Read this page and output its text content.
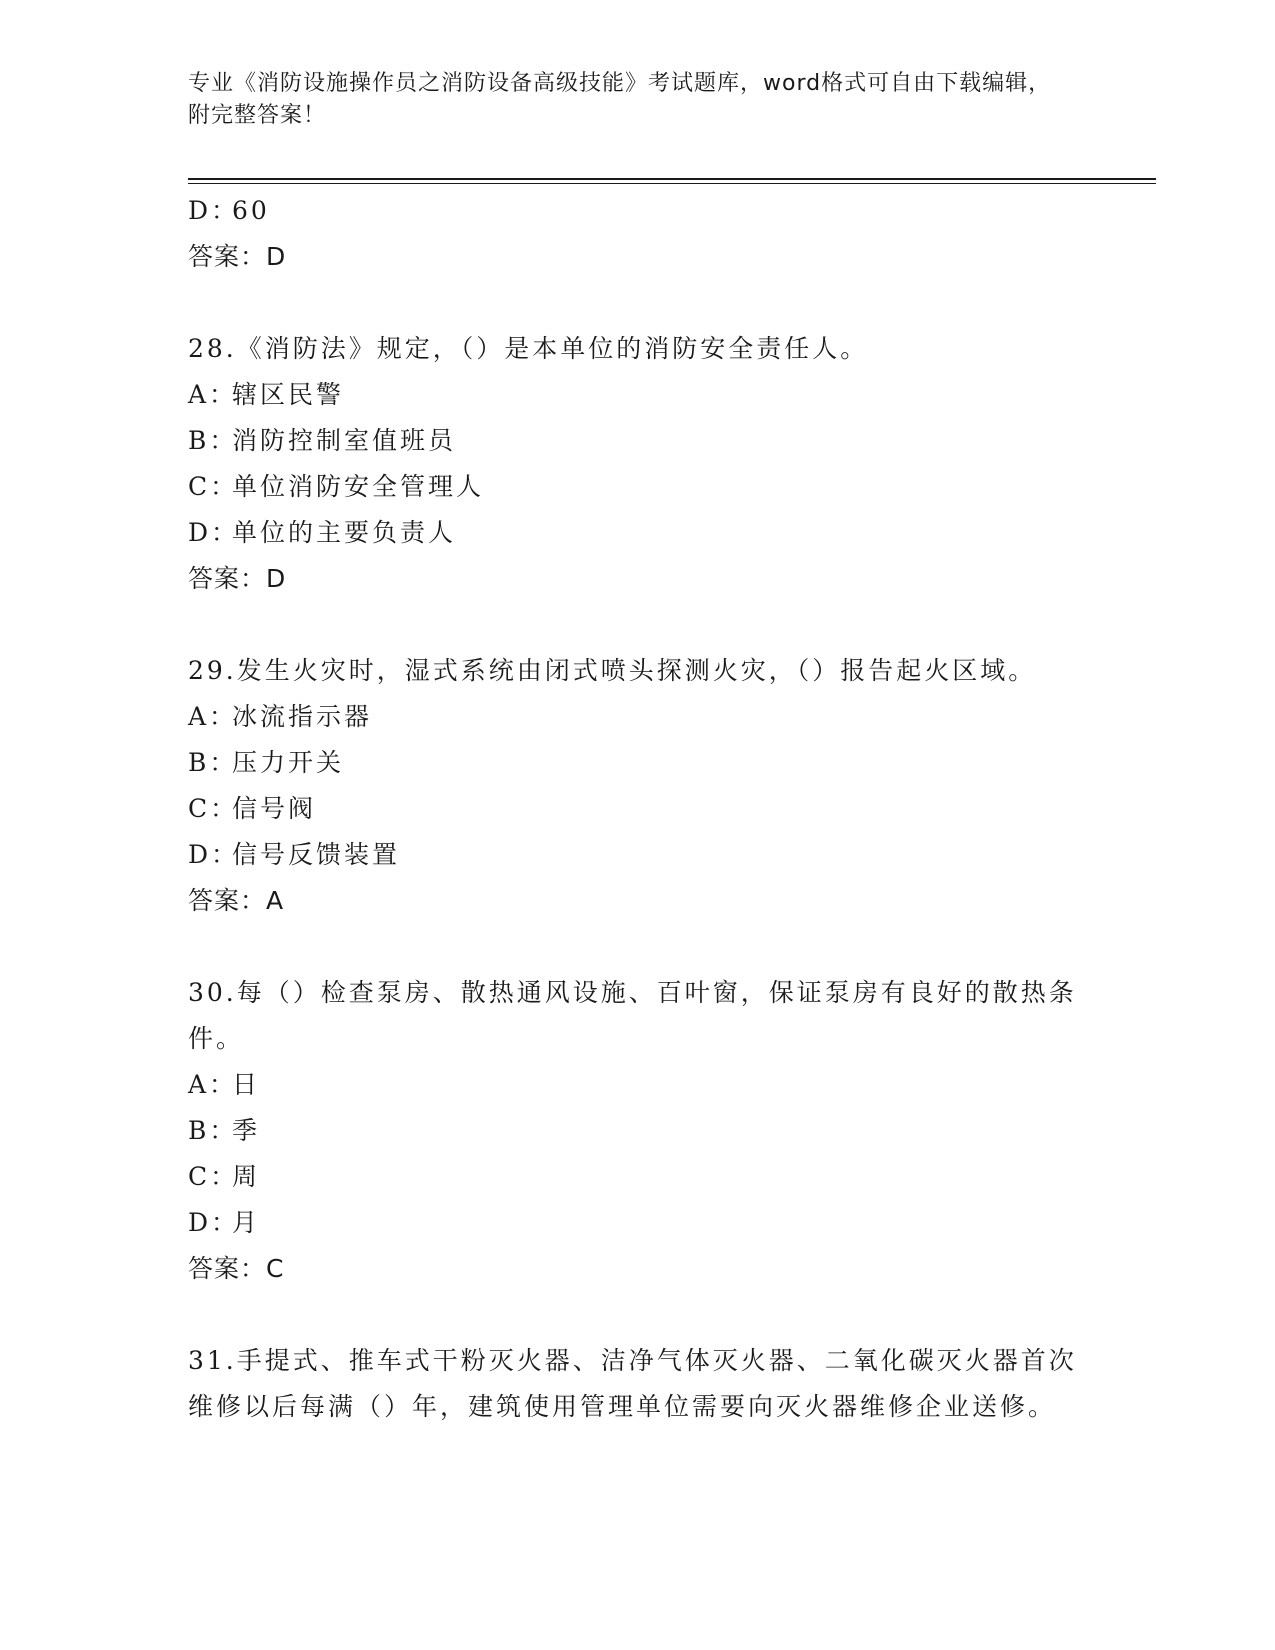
专业《消防设施操作员之消防设备高级技能》考试题库，word格式可自由下载编辑，附完整答案！
D：60
答案：D
28.《消防法》规定，（）是本单位的消防安全责任人。
A：辖区民警
B：消防控制室值班员
C：单位消防安全管理人
D：单位的主要负责人
答案：D
29.发生火灾时，湿式系统由闭式喷头探测火灾，（）报告起火区域。
A：冰流指示器
B：压力开关
C：信号阀
D：信号反馈装置
答案：A
30.每（）检查泵房、散热通风设施、百叶窗，保证泵房有良好的散热条件。
A：日
B：季
C：周
D：月
答案：C
31.手提式、推车式干粉灭火器、洁净气体灭火器、二氧化碳灭火器首次维修以后每满（）年，建筑使用管理单位需要向灭火器维修企业送修。
